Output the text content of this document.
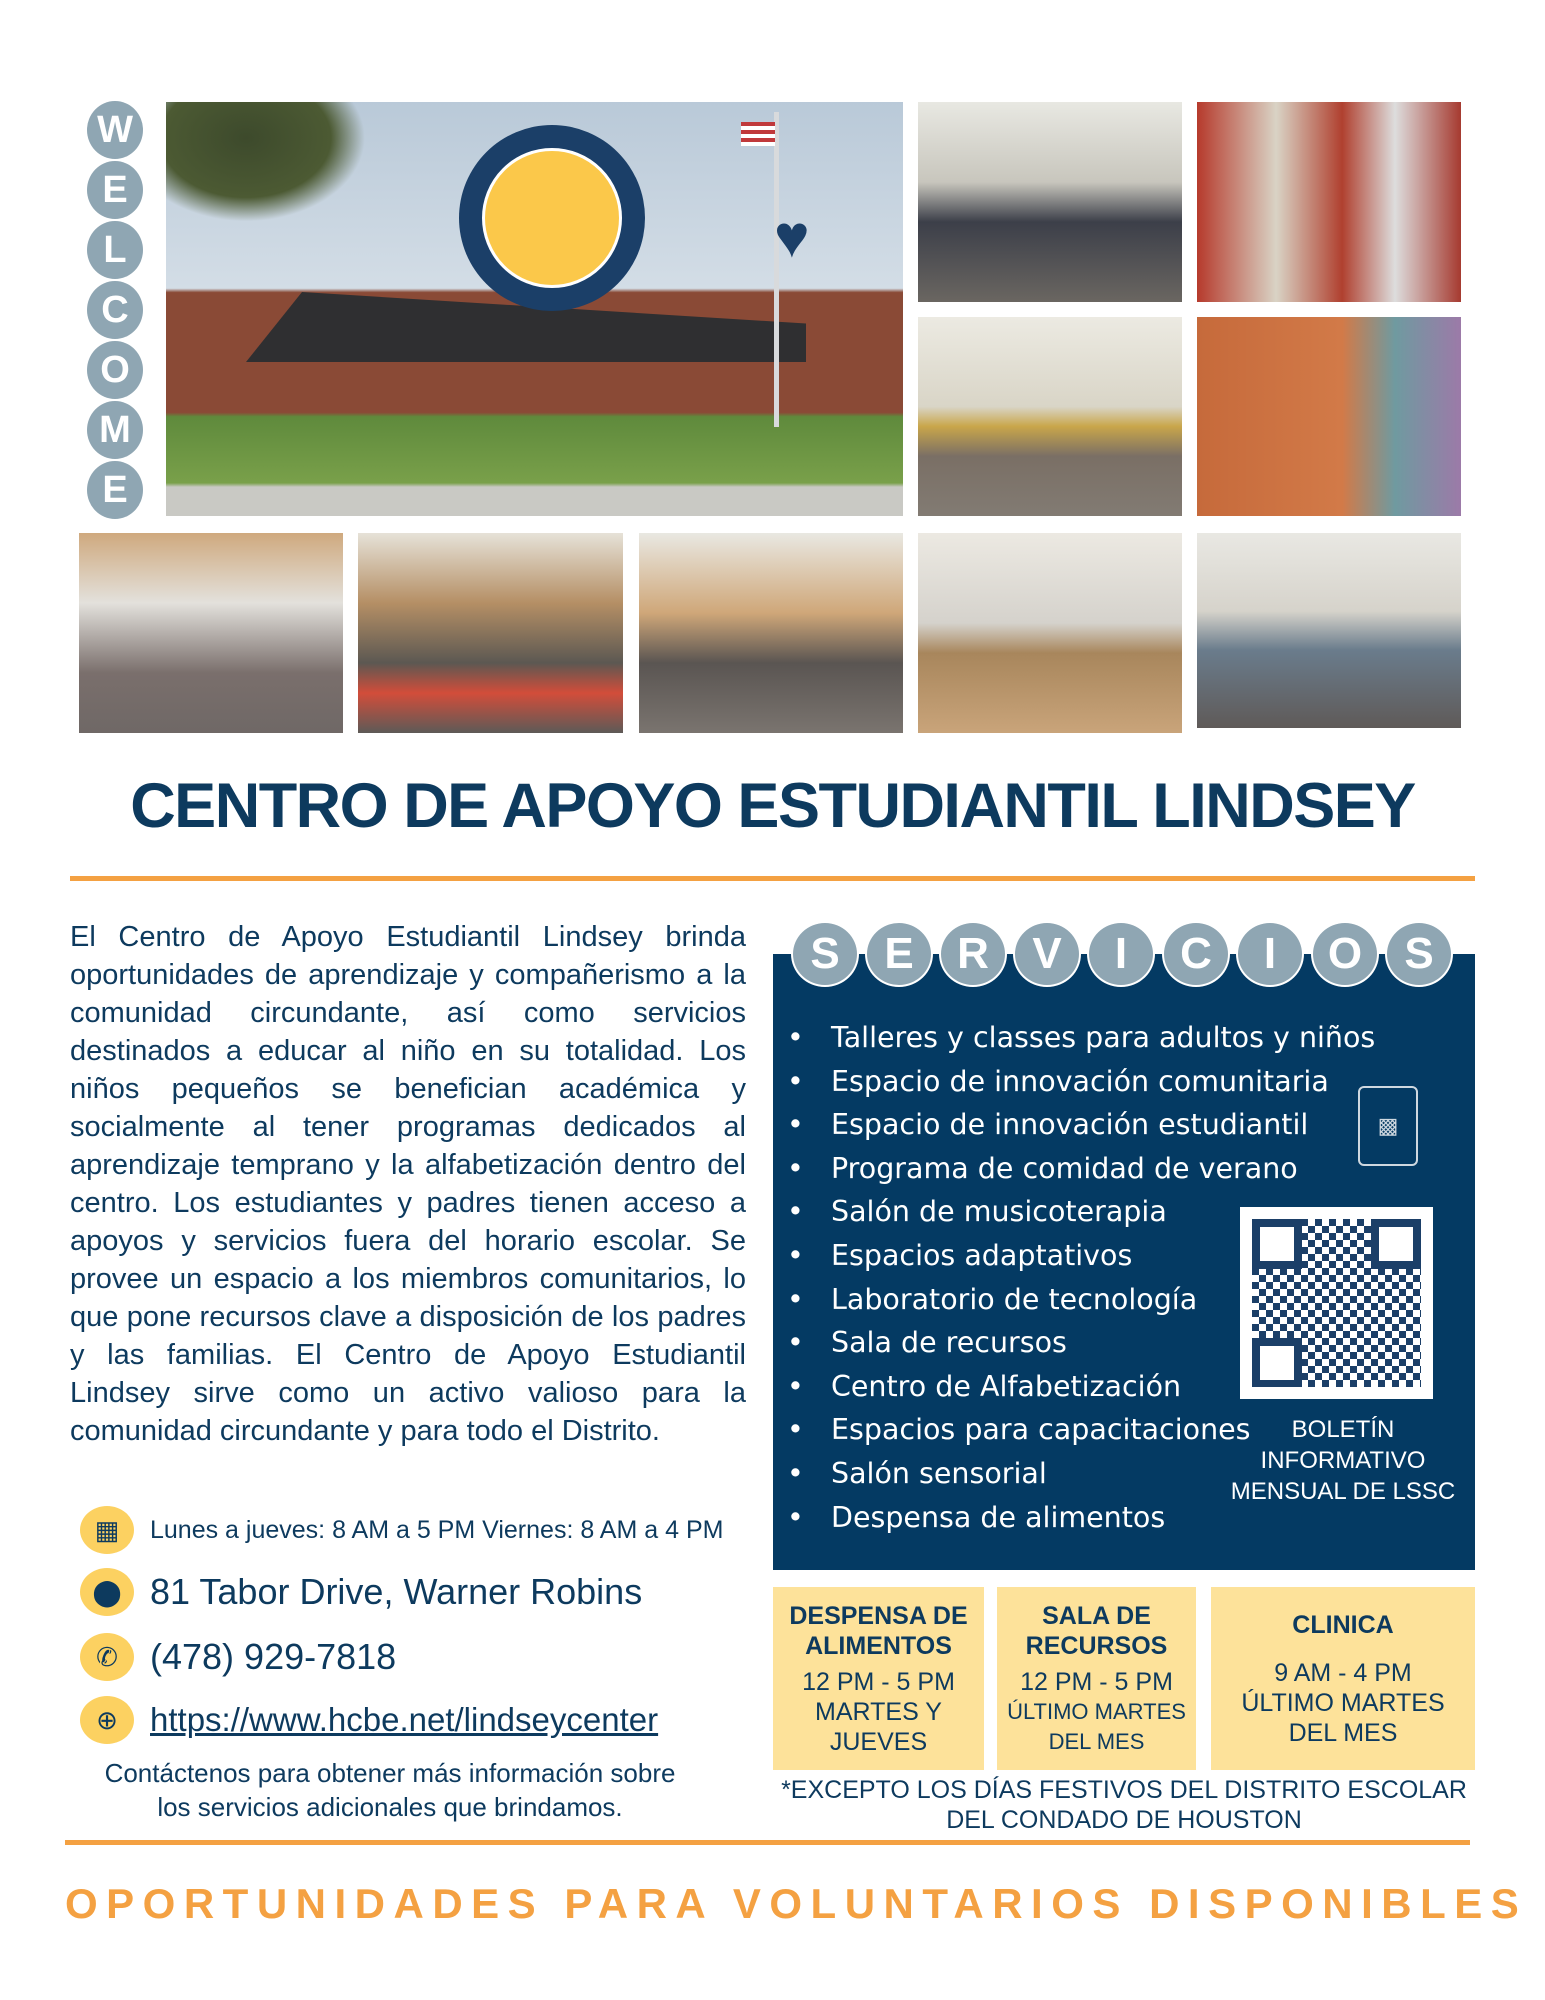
W
E
L
C
O
M
E
♥
CENTRO DE APOYO ESTUDIANTIL LINDSEY

El Centro de Apoyo Estudiantil Lindsey brinda oportunidades de aprendizaje y compañerismo a la comunidad circundante, así como servicios destinados a educar al niño en su totalidad. Los niños pequeños se benefician académica y socialmente al tener programas dedicados al aprendizaje temprano y la alfabetización dentro del centro. Los estudiantes y padres tienen acceso a apoyos y servicios fuera del horario escolar. Se provee un espacio a los miembros comunitarios, lo que pone recursos clave a disposición de los padres y las familias. El Centro de Apoyo Estudiantil Lindsey sirve como un activo valioso para la comunidad circundante y para todo el Distrito.

▦	Lunes a jueves: 8 AM a 5 PM Viernes: 8 AM a 4 PM
⬤ 81 Tabor Drive, Warner Robins
✆ (478) 929-7818
⊕ https://www.hcbe.net/lindseycenter
Contáctenos para obtener más información sobre
los servicios adicionales que brindamos.
• Talleres y classes para adultos y niños
• Espacio de innovación comunitaria
• Espacio de innovación estudiantil
• Programa de comidad de verano
• Salón de musicoterapia
• Espacios adaptativos
• Laboratorio de tecnología
• Sala de recursos
• Centro de Alfabetización
• Espacios para capacitaciones
• Salón sensorial
• Despensa de alimentos
▩
BOLETÍN
INFORMATIVO
MENSUAL DE LSSC
S	E R V	I	C	I	O S
DESPENSA DE
ALIMENTOS

12 PM - 5 PM

MARTES Y

JUEVES

SALA DE
RECURSOS

12 PM - 5 PM

ÚLTIMO MARTES

DEL MES

CLINICA

9 AM - 4 PM

ÚLTIMO MARTES

DEL MES

*EXCEPTO LOS DÍAS FESTIVOS DEL DISTRITO ESCOLAR
DEL CONDADO DE HOUSTON
OPORTUNIDADES PARA VOLUNTARIOS DISPONIBLES
